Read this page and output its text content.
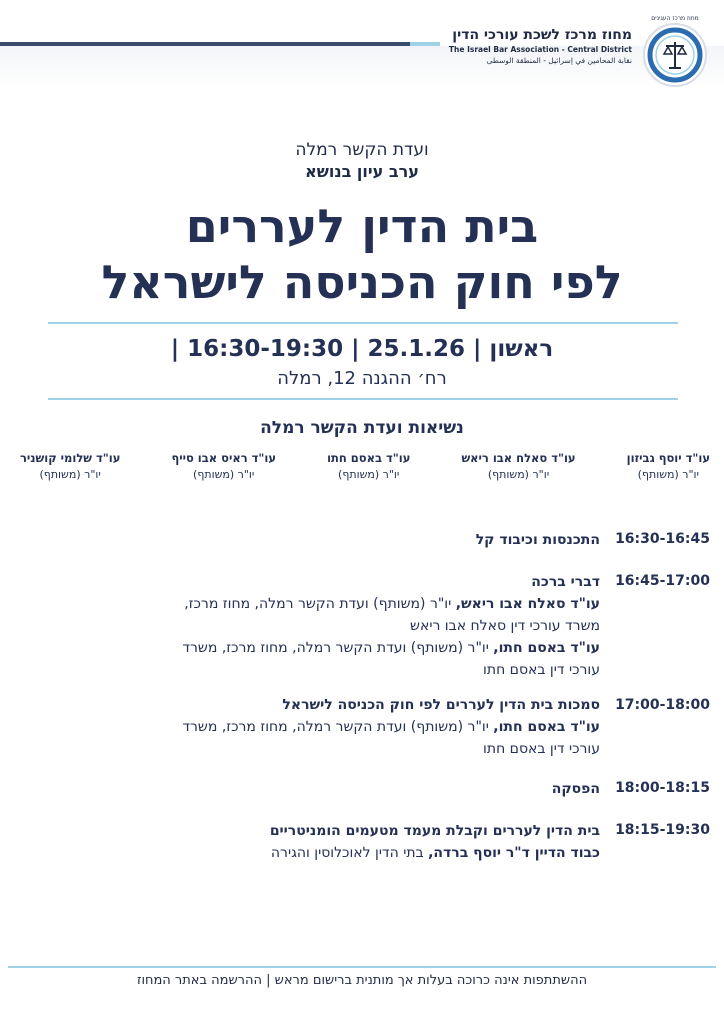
מחוז מרכז לשכת עורכי הדין
The Israel Bar Association - Central District
نقابة المحامين في إسرائيل - المنطقة الوسطى
מחוז מרכז העגינים
ועדת הקשר רמלה
ערב עיון בנושא
בית הדין לעררים
לפי חוק הכניסה לישראל
| 16:30-19:30 | ראשון | 25.1.26
רח׳ ההגנה 12, רמלה
נשיאות ועדת הקשר רמלה
עו"ד יוסף גביזון
יו"ר (משותף)
עו"ד סאלח אבו ריאש
יו"ר (משותף)
עו"ד באסם חתו
יו"ר (משותף)
עו"ד ראיס אבו סייף
יו"ר (משותף)
עו"ד שלומי קושניר
יו"ר (משותף)
16:30-16:45
התכנסות וכיבוד קל
16:45-17:00
דברי ברכה
עו"ד סאלח אבו ריאש, יו"ר (משותף) ועדת הקשר רמלה, מחוז מרכז,
משרד עורכי דין סאלח אבו ריאש
עו"ד באסם חתו, יו"ר (משותף) ועדת הקשר רמלה, מחוז מרכז, משרד
עורכי דין באסם חתו
17:00-18:00
סמכות בית הדין לעררים לפי חוק הכניסה לישראל
עו"ד באסם חתו, יו"ר (משותף) ועדת הקשר רמלה, מחוז מרכז, משרד
עורכי דין באסם חתו
18:00-18:15
הפסקה
18:15-19:30
בית הדין לעררים וקבלת מעמד מטעמים הומניטריים
כבוד הדיין ד"ר יוסף ברדה, בתי הדין לאוכלוסין והגירה
ההשתתפות אינה כרוכה בעלות אך מותנית ברישום מראש | ההרשמה באתר המחוז
